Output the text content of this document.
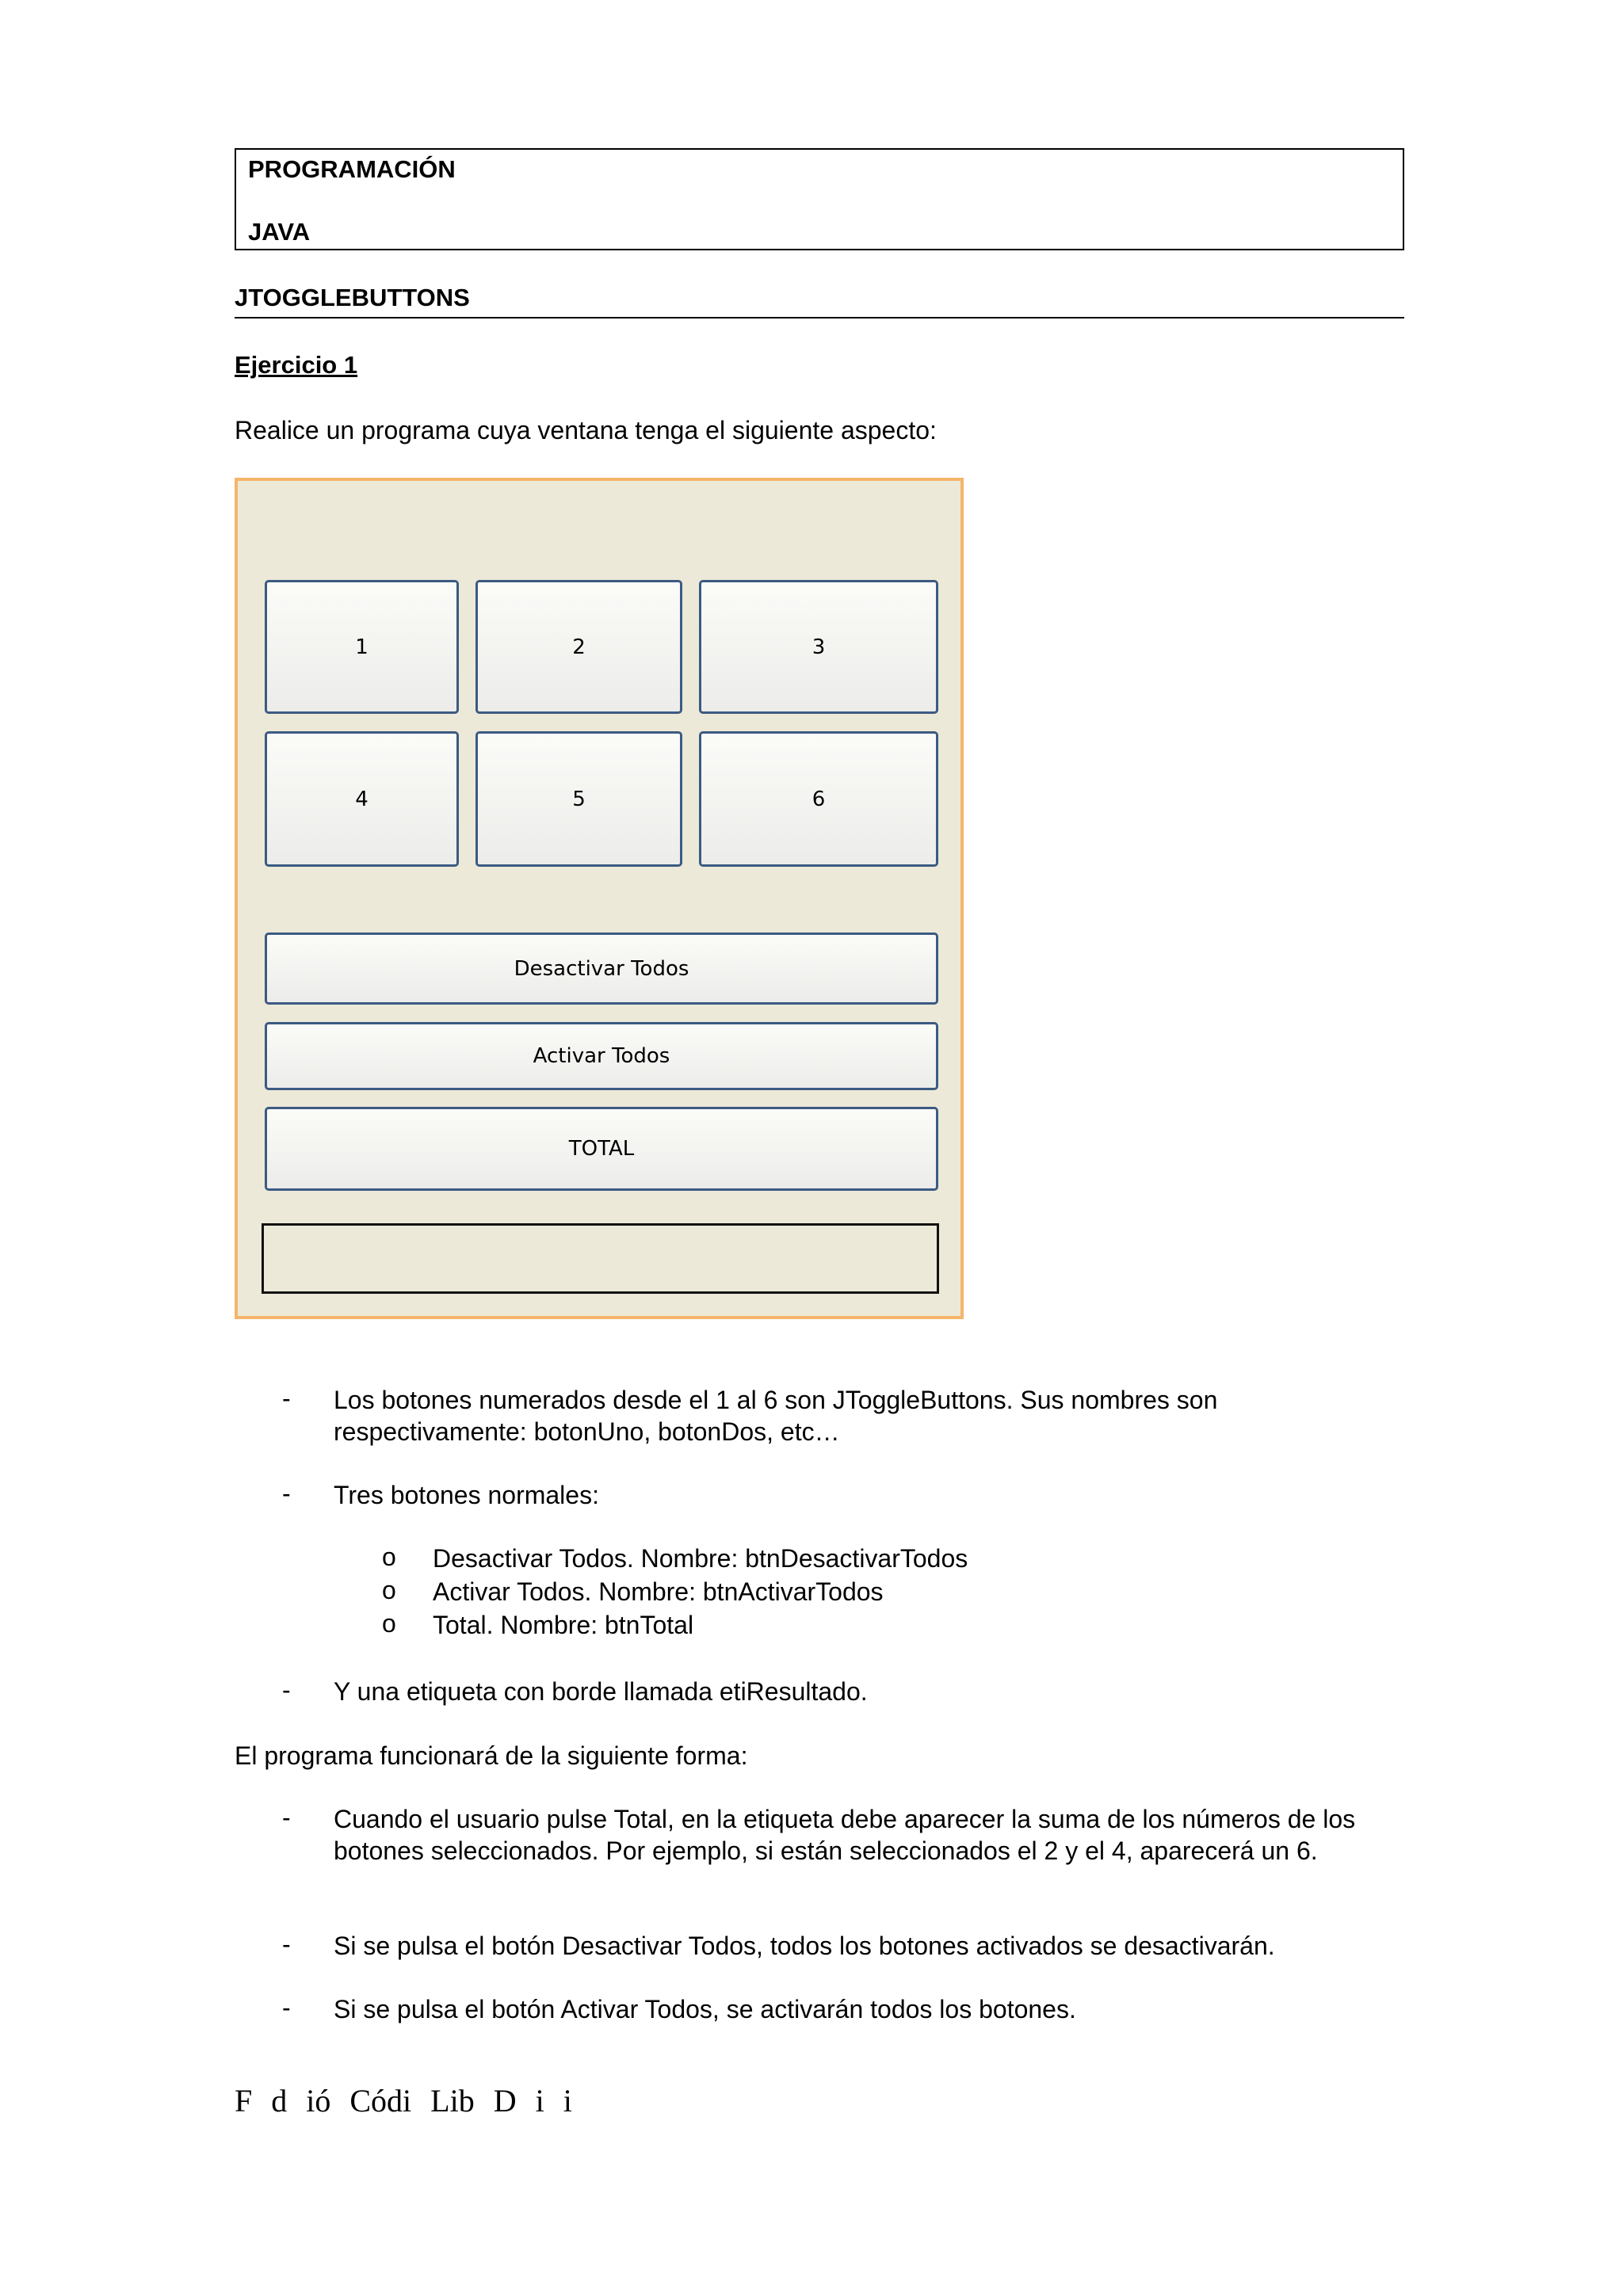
PROGRAMACIÓN
JAVA
JTOGGLEBUTTONS
Ejercicio 1
Realice un programa cuya ventana tenga el siguiente aspecto:
1	2	3
4	5	6
Desactivar Todos
Activar Todos
TOTAL
- Los botones numerados desde el 1 al 6 son JToggleButtons. Sus nombres son respectivamente: botonUno, botonDos, etc…
- Tres botones normales:
o Desactivar Todos. Nombre: btnDesactivarTodos
o Activar Todos. Nombre: btnActivarTodos
o Total. Nombre: btnTotal
- Y una etiqueta con borde llamada etiResultado.
El programa funcionará de la siguiente forma:
- Cuando el usuario pulse Total, en la etiqueta debe aparecer la suma de los números de los botones seleccionados. Por ejemplo, si están seleccionados el 2 y el 4, aparecerá un 6.
- Si se pulsa el botón Desactivar Todos, todos los botones activados se desactivarán.
- Si se pulsa el botón Activar Todos, se activarán todos los botones.
F d ió Códi Lib D i i
